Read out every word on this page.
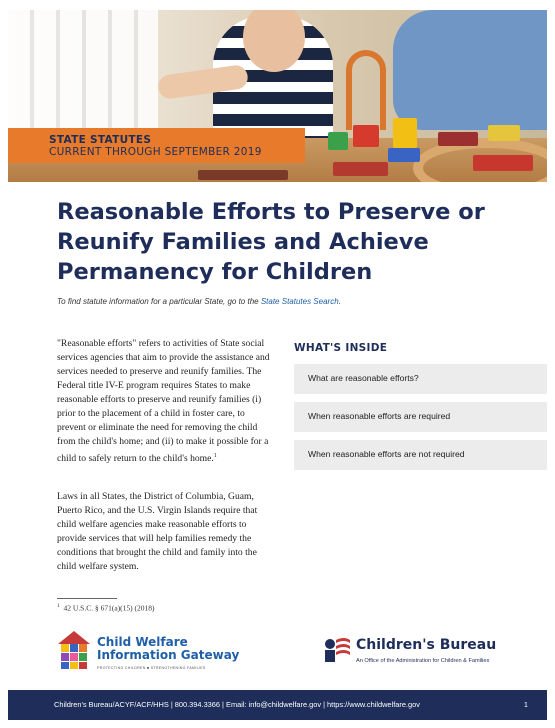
STATE STATUTES
CURRENT THROUGH SEPTEMBER 2019
Reasonable Efforts to Preserve or Reunify Families and Achieve Permanency for Children

To find statute information for a particular State, go to the State Statutes Search.

"Reasonable efforts" refers to activities of State social services agencies that aim to provide the assistance and services needed to preserve and reunify families. The Federal title IV-E program requires States to make reasonable efforts to preserve and reunify families (i) prior to the placement of a child in foster care, to prevent or eliminate the need for removing the child from the child's home; and (ii) to make it possible for a child to safely return to the child's home.$^1$

Laws in all States, the District of Columbia, Guam, Puerto Rico, and the U.S. Virgin Islands require that child welfare agencies make reasonable efforts to provide services that will help families remedy the conditions that brought the child and family into the child welfare system.

$^1$ 42 U.S.C. § 671(a)(15) (2018)

WHAT'S INSIDE
What are reasonable efforts?
When reasonable efforts are required
When reasonable efforts are not required
Child Welfare
Information Gateway
PROTECTING CHILDREN ■ STRENGTHENING FAMILIES
Children's Bureau
An Office of the Administration for Children & Families
Children's Bureau/ACYF/ACF/HHS | 800.394.3366 | Email: info@childwelfare.gov | https://www.childwelfare.gov	1
